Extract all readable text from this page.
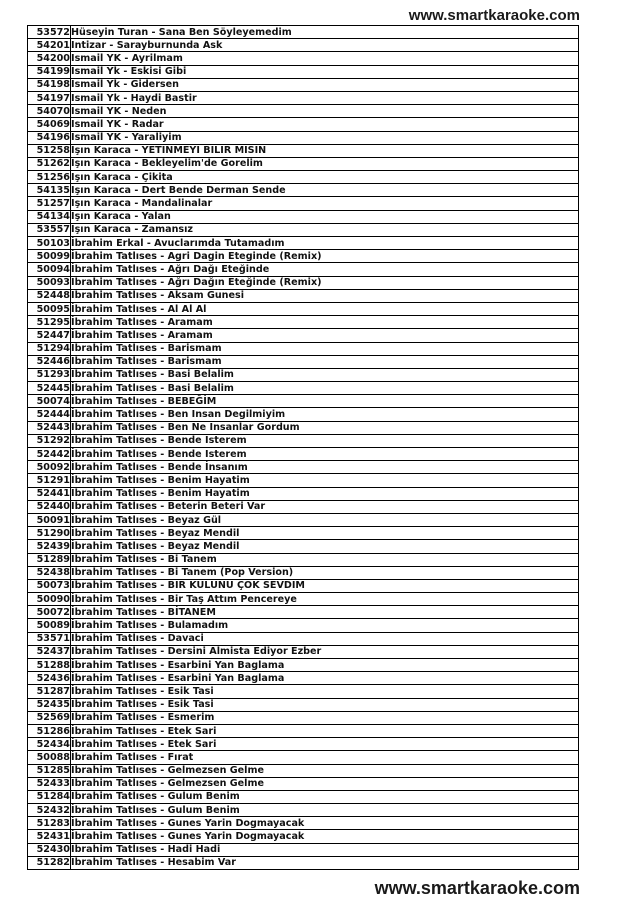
www.smartkaraoke.com
53572	Hüseyin Turan - Sana Ben Söyleyemedim
54201	Intizar - Sarayburnunda Ask
54200	Ismail YK - Ayrilmam
54199	Ismail Yk - Eskisi Gibi
54198	Ismail Yk - Gidersen
54197	Ismail Yk - Haydi Bastir
54070	Ismail YK - Neden
54069	Ismail YK - Radar
54196	Ismail YK - Yaraliyim
51258	Işın Karaca - YETİNMEYİ BİLİR MİSİN
51262	Işın Karaca - Bekleyelim'de Gorelim
51256	Işın Karaca - Çikita
54135	Işın Karaca - Dert Bende Derman Sende
51257	Işın Karaca - Mandalinalar
54134	Işın Karaca - Yalan
53557	Işın Karaca - Zamansız
50103	İbrahim Erkal - Avuclarımda Tutamadım
50099	İbrahim Tatlıses - Agri Dagin Eteginde (Remix)
50094	İbrahim Tatlıses - Ağrı Dağı Eteğinde
50093	İbrahim Tatlıses - Ağrı Dağın Eteğinde (Remix)
52448	İbrahim Tatlıses - Aksam Gunesi
50095	İbrahim Tatlıses - Al Al Al
51295	İbrahim Tatlıses - Aramam
52447	İbrahim Tatlıses - Aramam
51294	İbrahim Tatlıses - Barismam
52446	İbrahim Tatlıses - Barismam
51293	İbrahim Tatlıses - Basi Belalim
52445	İbrahim Tatlıses - Basi Belalim
50074	İbrahim Tatlıses - BEBEĞİM
52444	İbrahim Tatlıses - Ben Insan Degilmiyim
52443	İbrahim Tatlıses - Ben Ne Insanlar Gordum
51292	İbrahim Tatlıses - Bende Isterem
52442	İbrahim Tatlıses - Bende Isterem
50092	İbrahim Tatlıses - Bende İnsanım
51291	İbrahim Tatlıses - Benim Hayatim
52441	İbrahim Tatlıses - Benim Hayatim
52440	İbrahim Tatlıses - Beterin Beteri Var
50091	İbrahim Tatlıses - Beyaz Gül
51290	İbrahim Tatlıses - Beyaz Mendil
52439	İbrahim Tatlıses - Beyaz Mendil
51289	İbrahim Tatlıses - Bi Tanem
52438	İbrahim Tatlıses - Bi Tanem (Pop Version)
50073	İbrahim Tatlıses - BİR KULUNU ÇOK SEVDİM
50090	İbrahim Tatlıses - Bir Taş Attım Pencereye
50072	İbrahim Tatlıses - BİTANEM
50089	İbrahim Tatlıses - Bulamadım
53571	İbrahim Tatlıses - Davaci
52437	İbrahim Tatlıses - Dersini Almista Ediyor Ezber
51288	İbrahim Tatlıses - Esarbini Yan Baglama
52436	İbrahim Tatlıses - Esarbini Yan Baglama
51287	İbrahim Tatlıses - Esik Tasi
52435	İbrahim Tatlıses - Esik Tasi
52569	İbrahim Tatlıses - Esmerim
51286	İbrahim Tatlıses - Etek Sari
52434	İbrahim Tatlıses - Etek Sari
50088	İbrahim Tatlıses - Fırat
51285	İbrahim Tatlıses - Gelmezsen Gelme
52433	İbrahim Tatlıses - Gelmezsen Gelme
51284	İbrahim Tatlıses - Gulum Benim
52432	İbrahim Tatlıses - Gulum Benim
51283	İbrahim Tatlıses - Gunes Yarin Dogmayacak
52431	İbrahim Tatlıses - Gunes Yarin Dogmayacak
52430	İbrahim Tatlıses - Hadi Hadi
51282	İbrahim Tatlıses - Hesabim Var
www.smartkaraoke.com
